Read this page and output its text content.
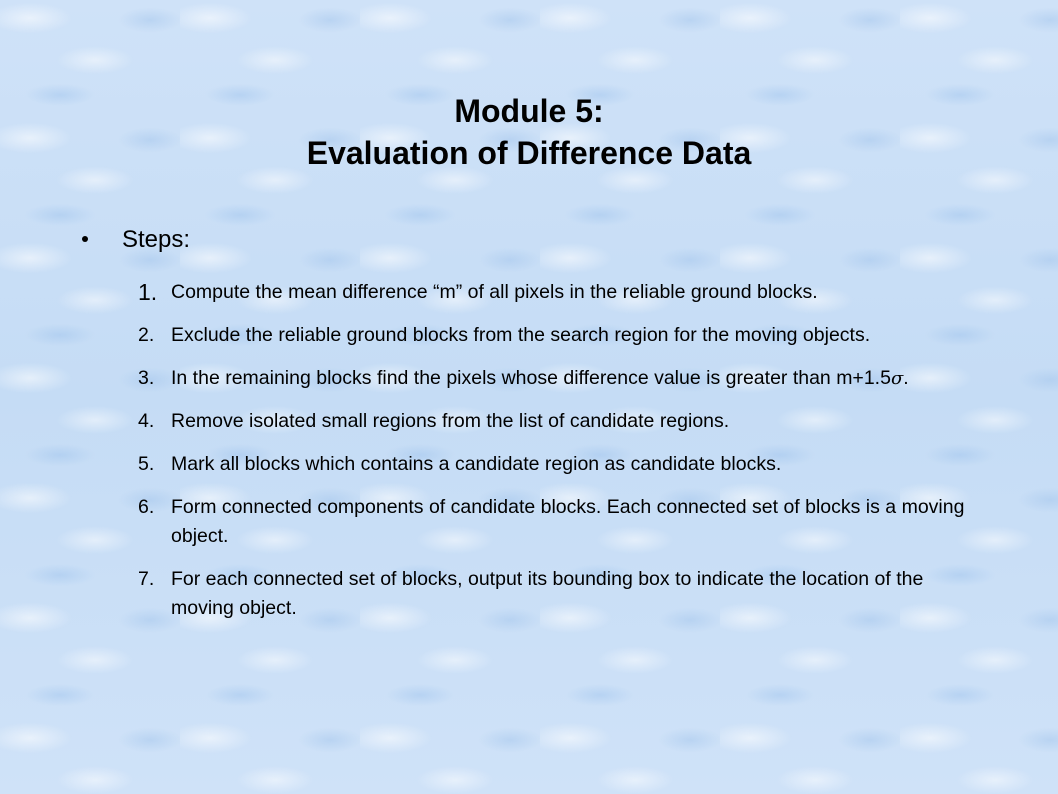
Module 5:
Evaluation of Difference Data
Steps:
1. Compute the mean difference “m” of all pixels in the reliable ground blocks.
2. Exclude the reliable ground blocks from the search region for the moving objects.
3. In the remaining blocks find the pixels whose difference value is greater than m+1.5σ.
4. Remove isolated small regions from the list of candidate regions.
5. Mark all blocks which contains a candidate region as candidate blocks.
6. Form connected components of candidate blocks. Each connected set of blocks is a moving object.
7. For each connected set of blocks, output its bounding box to indicate the location of the moving object.
